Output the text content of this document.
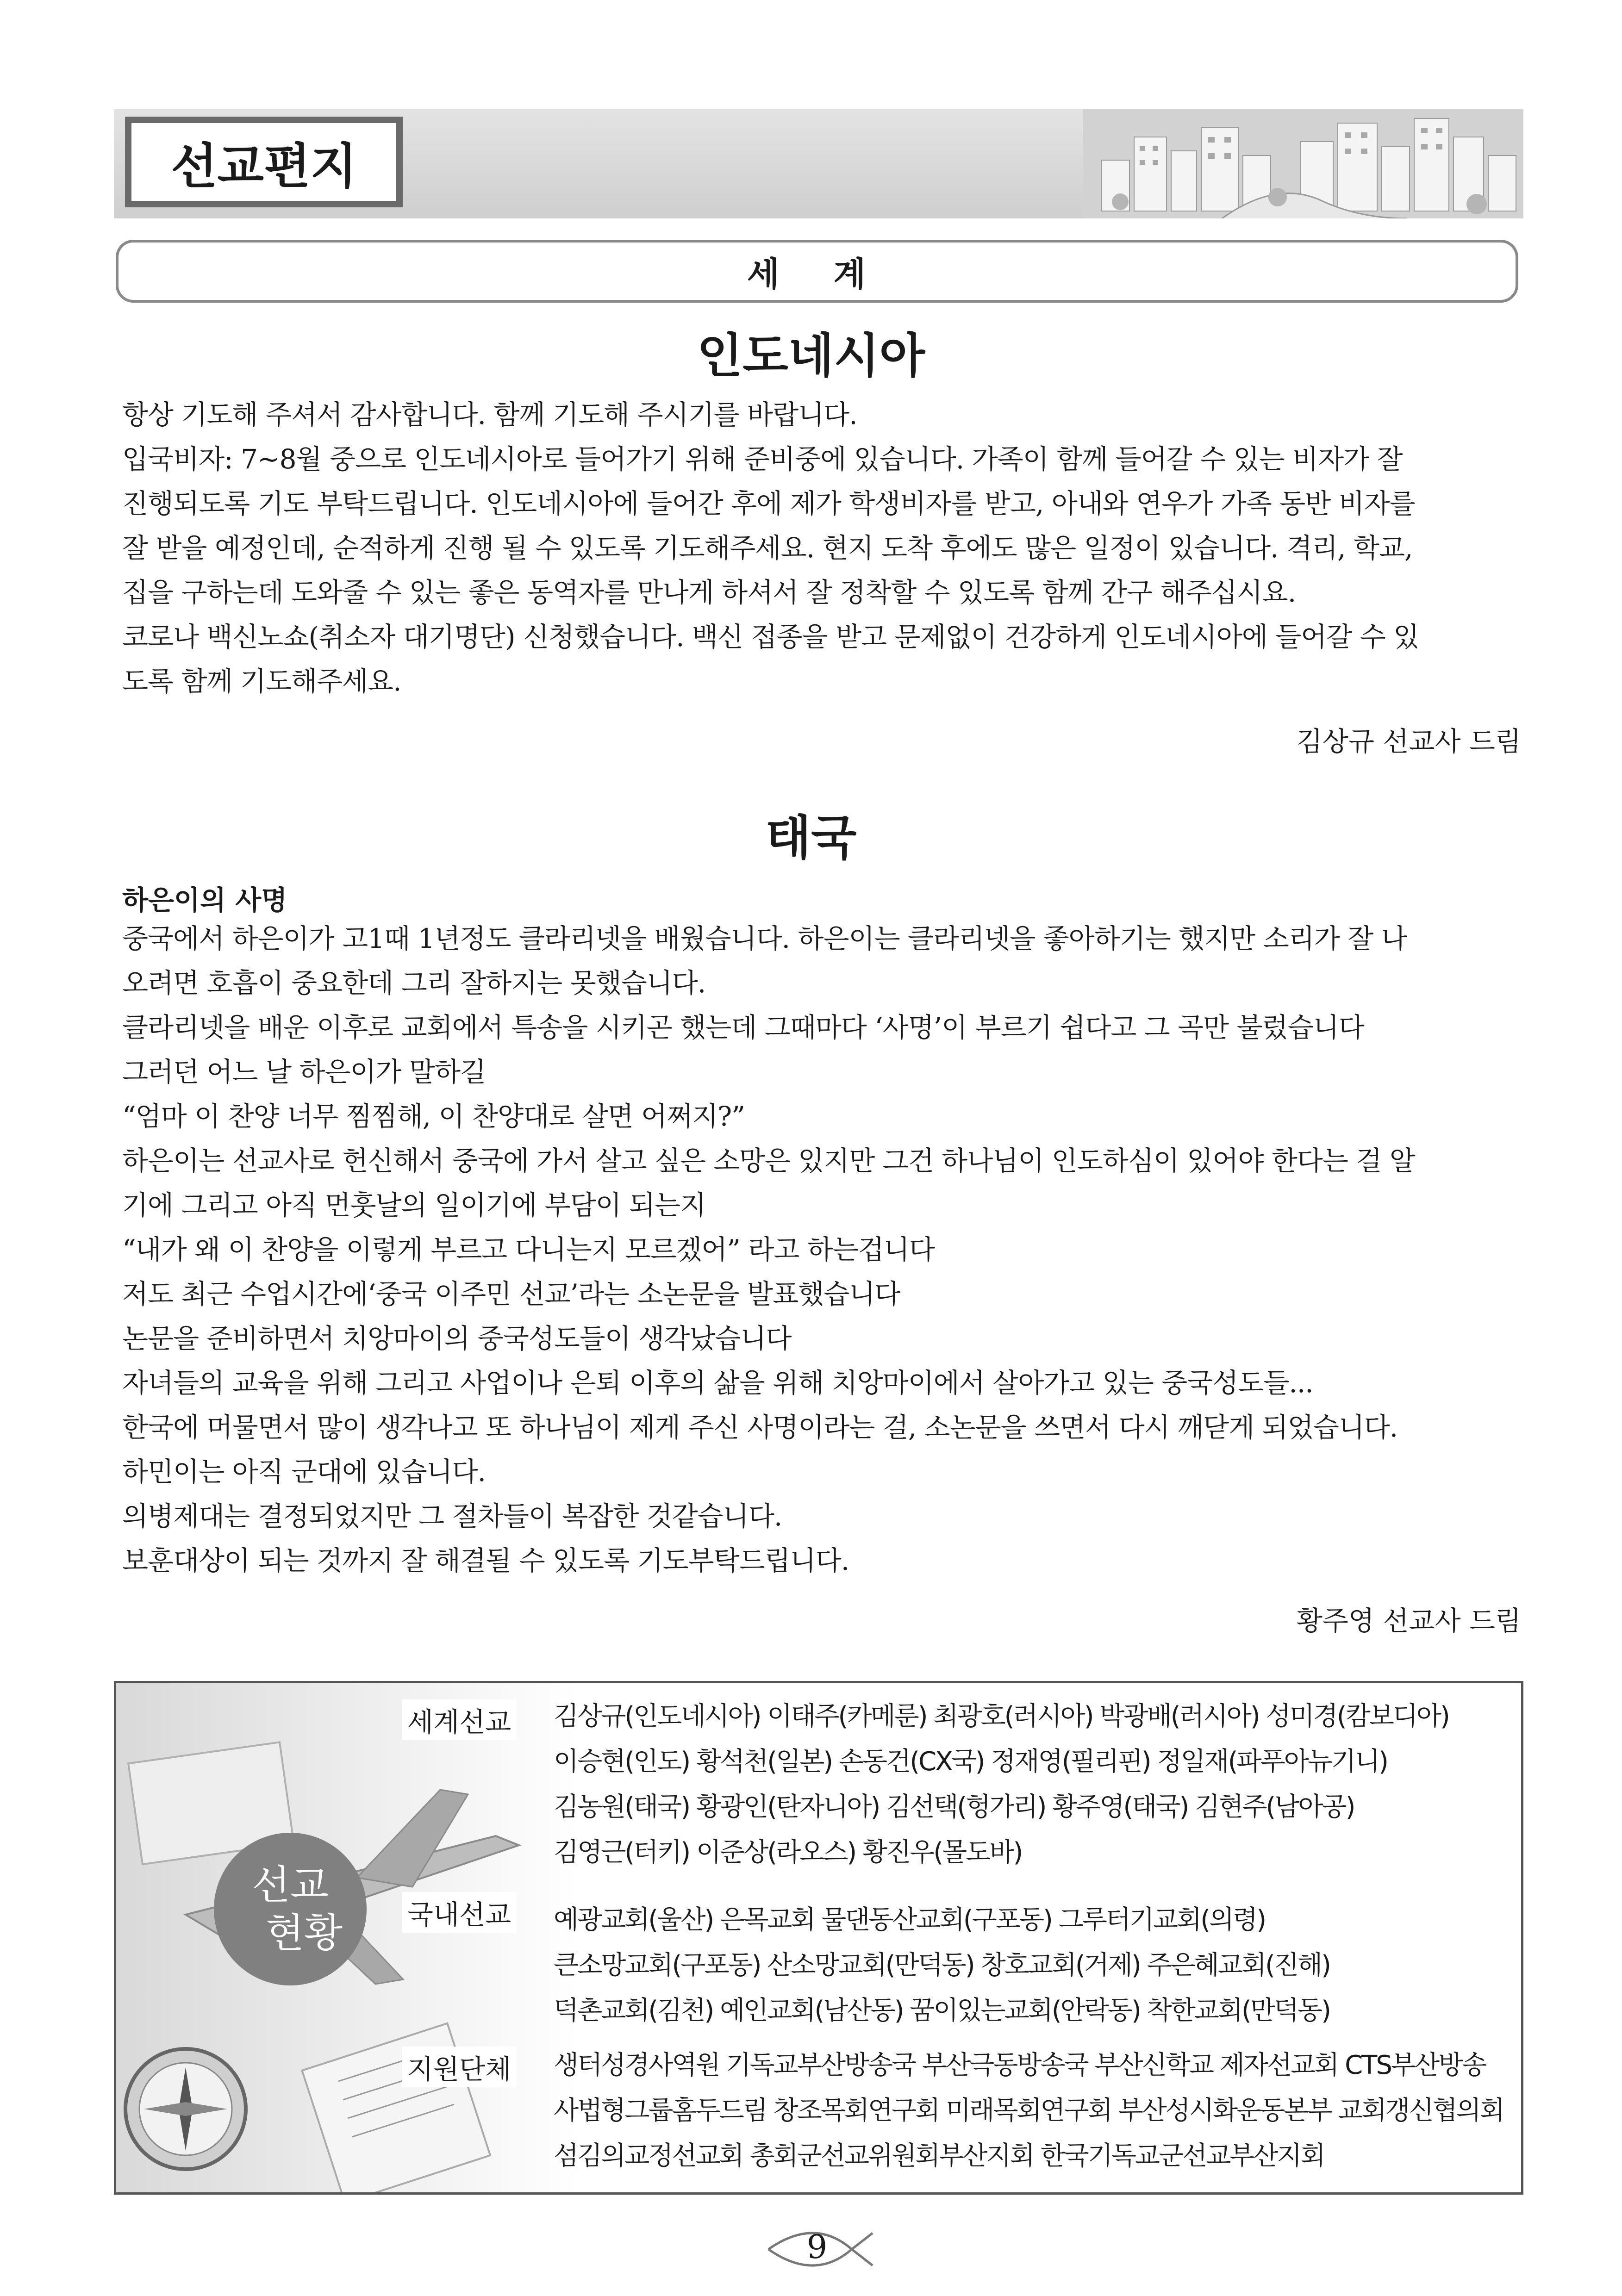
선교편지
세 계
인도네시아

항상 기도해 주셔서 감사합니다. 함께 기도해 주시기를 바랍니다.

입국비자: 7~8월 중으로 인도네시아로 들어가기 위해 준비중에 있습니다. 가족이 함께 들어갈 수 있는 비자가 잘

진행되도록 기도 부탁드립니다. 인도네시아에 들어간 후에 제가 학생비자를 받고, 아내와 연우가 가족 동반 비자를

잘 받을 예정인데, 순적하게 진행 될 수 있도록 기도해주세요. 현지 도착 후에도 많은 일정이 있습니다. 격리, 학교,

집을 구하는데 도와줄 수 있는 좋은 동역자를 만나게 하셔서 잘 정착할 수 있도록 함께 간구 해주십시요.

코로나 백신노쇼(취소자 대기명단) 신청했습니다. 백신 접종을 받고 문제없이 건강하게 인도네시아에 들어갈 수 있

도록 함께 기도해주세요.

김상규 선교사 드림

태국

하은이의 사명

중국에서 하은이가 고1때 1년정도 클라리넷을 배웠습니다. 하은이는 클라리넷을 좋아하기는 했지만 소리가 잘 나

오려면 호흡이 중요한데 그리 잘하지는 못했습니다.

클라리넷을 배운 이후로 교회에서 특송을 시키곤 했는데 그때마다 ‘사명’이 부르기 쉽다고 그 곡만 불렀습니다

그러던 어느 날 하은이가 말하길

“엄마 이 찬양 너무 찜찜해, 이 찬양대로 살면 어쩌지?”

하은이는 선교사로 헌신해서 중국에 가서 살고 싶은 소망은 있지만 그건 하나님이 인도하심이 있어야 한다는 걸 알

기에 그리고 아직 먼훗날의 일이기에 부담이 되는지

“내가 왜 이 찬양을 이렇게 부르고 다니는지 모르겠어” 라고 하는겁니다

저도 최근 수업시간에‘중국 이주민 선교’라는 소논문을 발표했습니다

논문을 준비하면서 치앙마이의 중국성도들이 생각났습니다

자녀들의 교육을 위해 그리고 사업이나 은퇴 이후의 삶을 위해 치앙마이에서 살아가고 있는 중국성도들...

한국에 머물면서 많이 생각나고 또 하나님이 제게 주신 사명이라는 걸, 소논문을 쓰면서 다시 깨닫게 되었습니다.

하민이는 아직 군대에 있습니다.

의병제대는 결정되었지만 그 절차들이 복잡한 것같습니다.

보훈대상이 되는 것까지 잘 해결될 수 있도록 기도부탁드립니다.

황주영 선교사 드림

선교
현황
세계선교 김상규(인도네시아) 이태주(카메룬) 최광호(러시아) 박광배(러시아) 성미경(캄보디아)

이승현(인도) 황석천(일본) 손동건(CX국) 정재영(필리핀) 정일재(파푸아뉴기니)

김농원(태국) 황광인(탄자니아) 김선택(헝가리) 황주영(태국) 김현주(남아공)

김영근(터키) 이준상(라오스) 황진우(몰도바)

국내선교 예광교회(울산) 은목교회 물댄동산교회(구포동) 그루터기교회(의령)

큰소망교회(구포동) 산소망교회(만덕동) 창호교회(거제) 주은혜교회(진해)

덕촌교회(김천) 예인교회(남산동) 꿈이있는교회(안락동) 착한교회(만덕동)

지원단체 생터성경사역원 기독교부산방송국 부산극동방송국 부산신학교 제자선교회 CTS부산방송

사법형그룹홈두드림 창조목회연구회 미래목회연구회 부산성시화운동본부 교회갱신협의회

섬김의교정선교회 총회군선교위원회부산지회 한국기독교군선교부산지회

9
